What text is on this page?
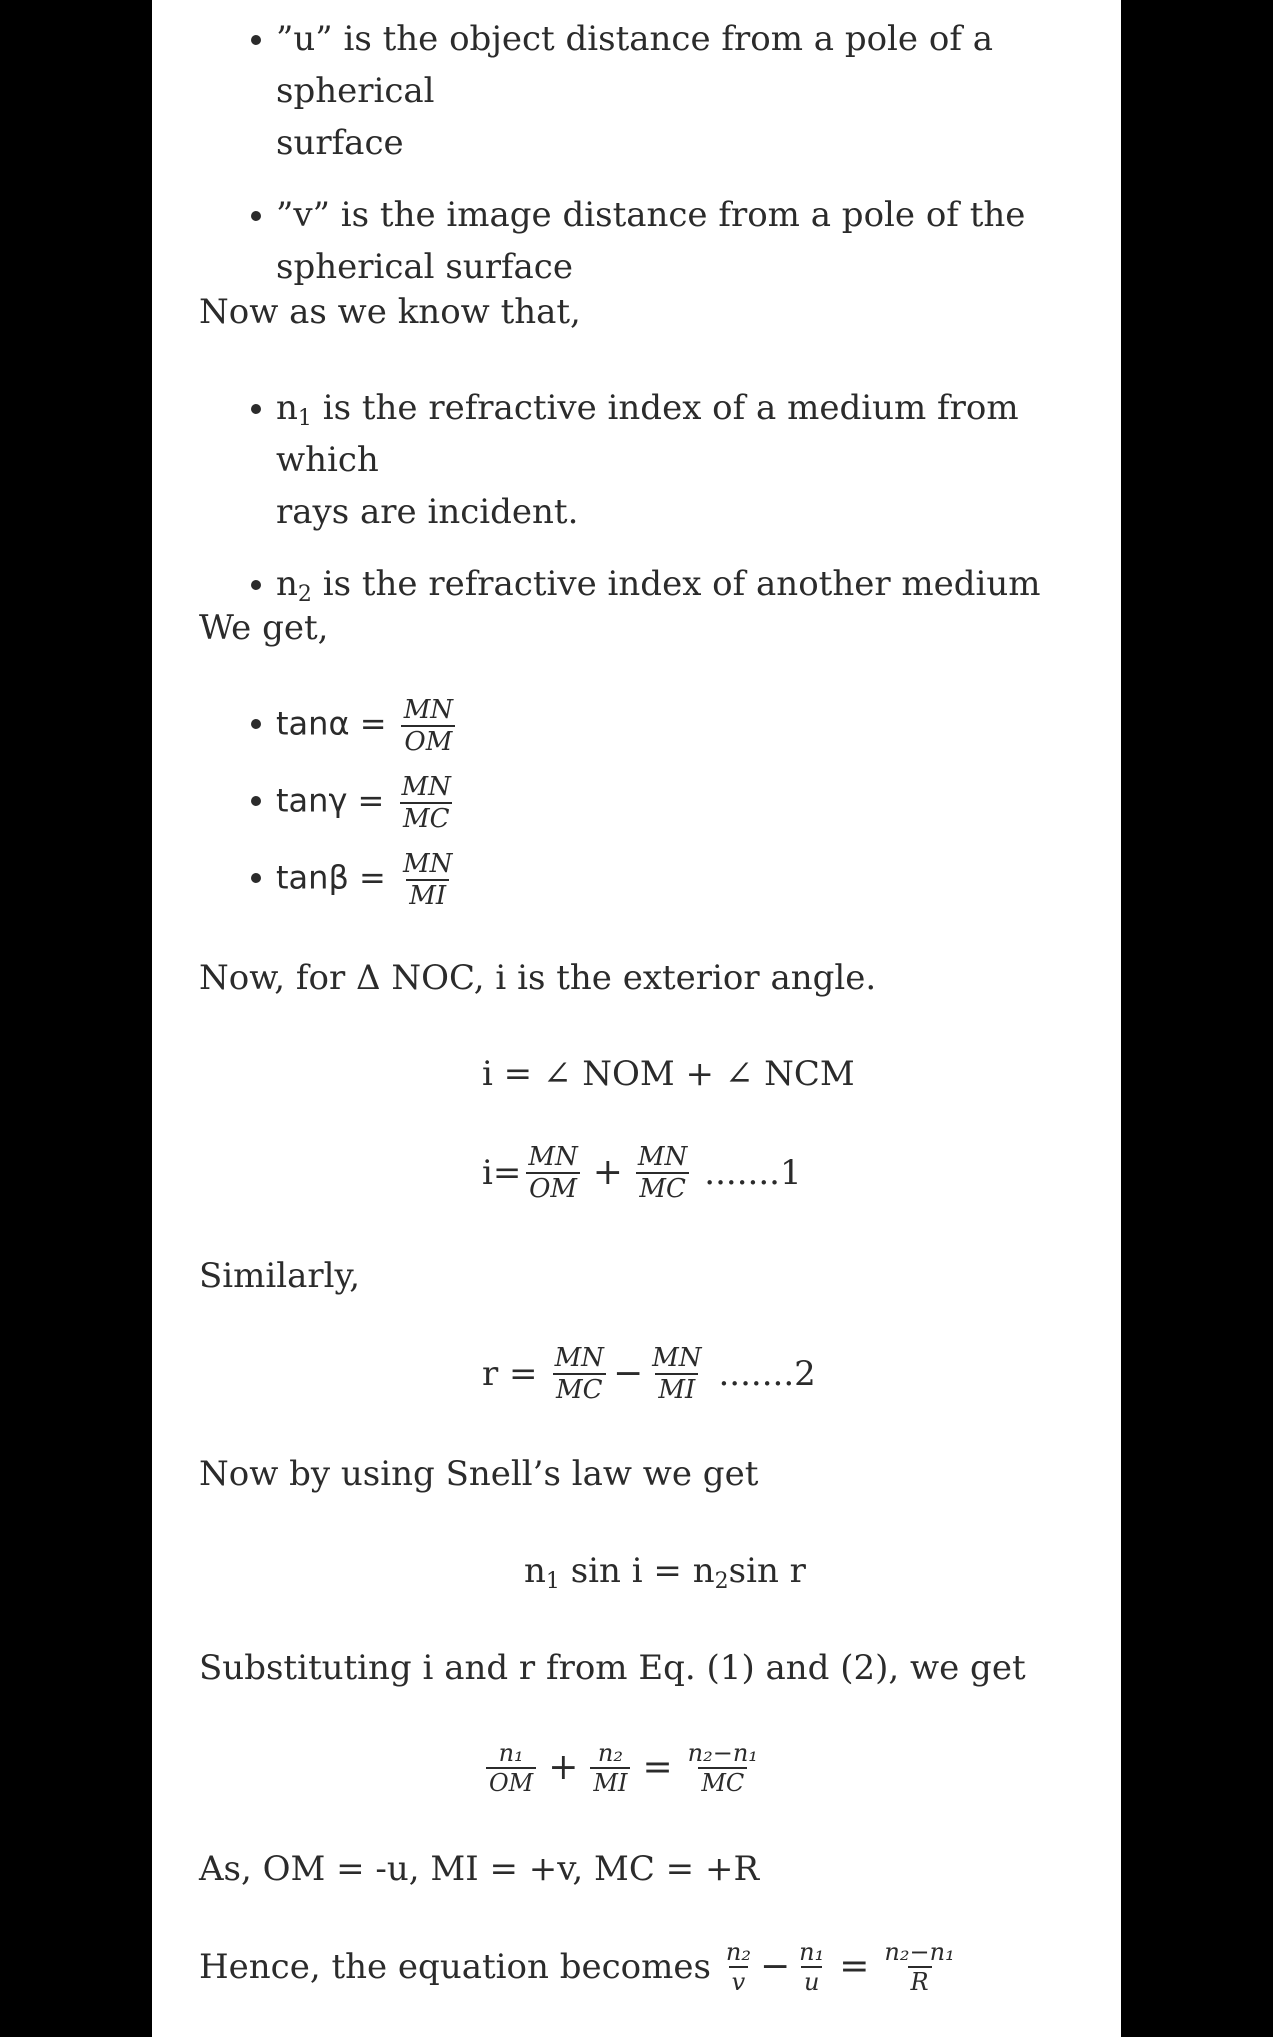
”u” is the object distance from a pole of a spherical
surface
”v” is the image distance from a pole of the
spherical surface
Now as we know that,
$n_1$ is the refractive index of a medium from which
rays are incident.
$n_2$ is the refractive index of another medium
We get,
$\tan\alpha = \frac{MN}{OM}$
$\tan\gamma = \frac{MN}{MC}$
$\tan\beta = \frac{MN}{MI}$
Now, for Δ NOC, i is the exterior angle.
i = ∠ NOM + ∠ NCM
$i= \frac{MN}{OM} + \frac{MN}{MC} .......1$
Similarly,
$r = \frac{MN}{MC} - \frac{MN}{MI} .......2$
Now by using Snell’s law we get
$n_1$ $\sin i = n_2\sin$ r
Substituting i and r from Eq. (1) and (2), we get
$\frac{\text{n₁}}{OM} + \frac{\text{n₂}}{MI} = \frac{\text{n₂−n₁}}{MC}$
As, OM = -u, MI = +v, MC = +R
Hence, the equation becomes $\frac{\text{n₂}}{v} - \frac{\text{n₁}}{u} = \frac{\text{n₂−n₁}}{R}$
